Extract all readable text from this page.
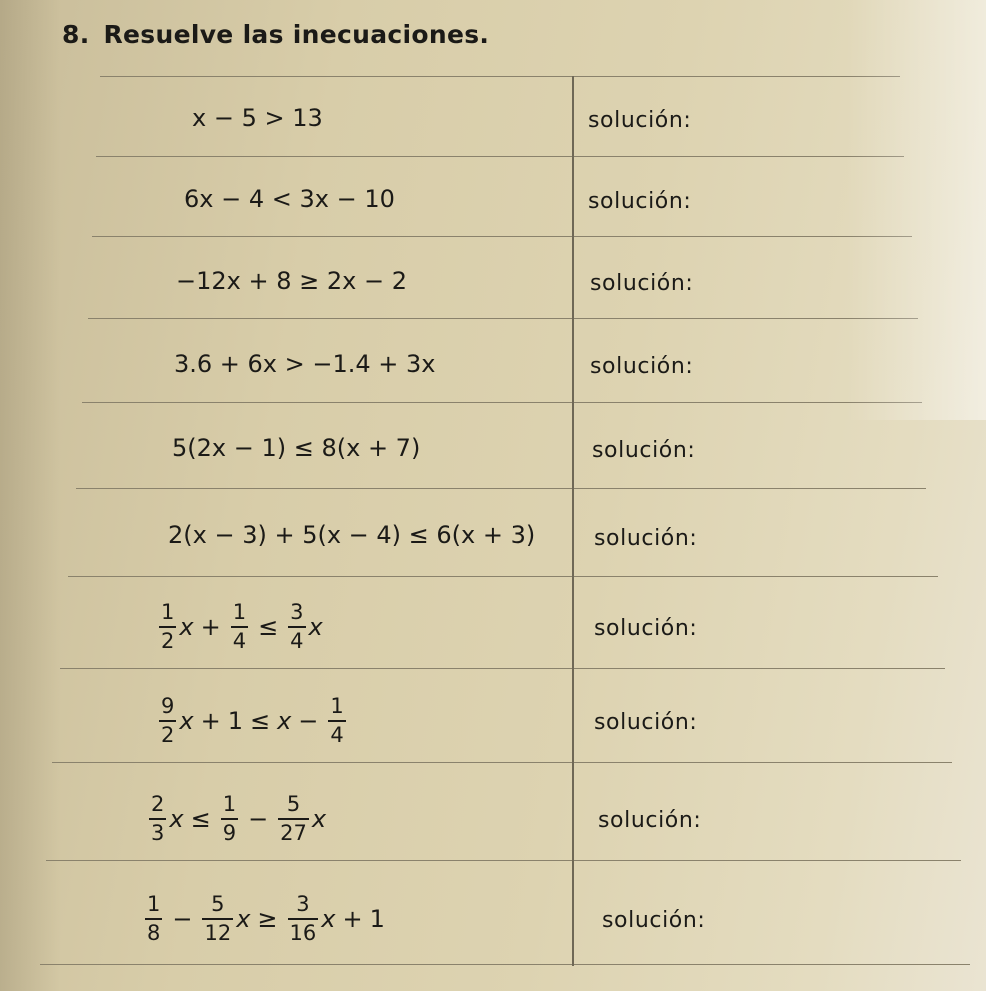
8. Resuelve las inecuaciones.
x − 5 > 13	solución:
6x − 4 < 3x − 10	solución:
−12x + 8 ≥ 2x − 2	solución:
3.6 + 6x > −1.4 + 3x	solución:
5(2x − 1) ≤ 8(x + 7)	solución:
2(x − 3) + 5(x − 4) ≤ 6(x + 3)	solución:
$\frac{1}{2}$ $x + \frac{1}{4} \le \frac{3}{4}$ x	solución:
$\frac{9}{2}$ $x + 1 \le x - \frac{1}{4}$	solución:
$\frac{2}{3}$ $x \le \frac{1}{9} - \frac{5}{27}$ x	solución:
$\frac{1}{8} - \frac{5}{12}$ $x \ge \frac{3}{16}$ x + 1	solución:
